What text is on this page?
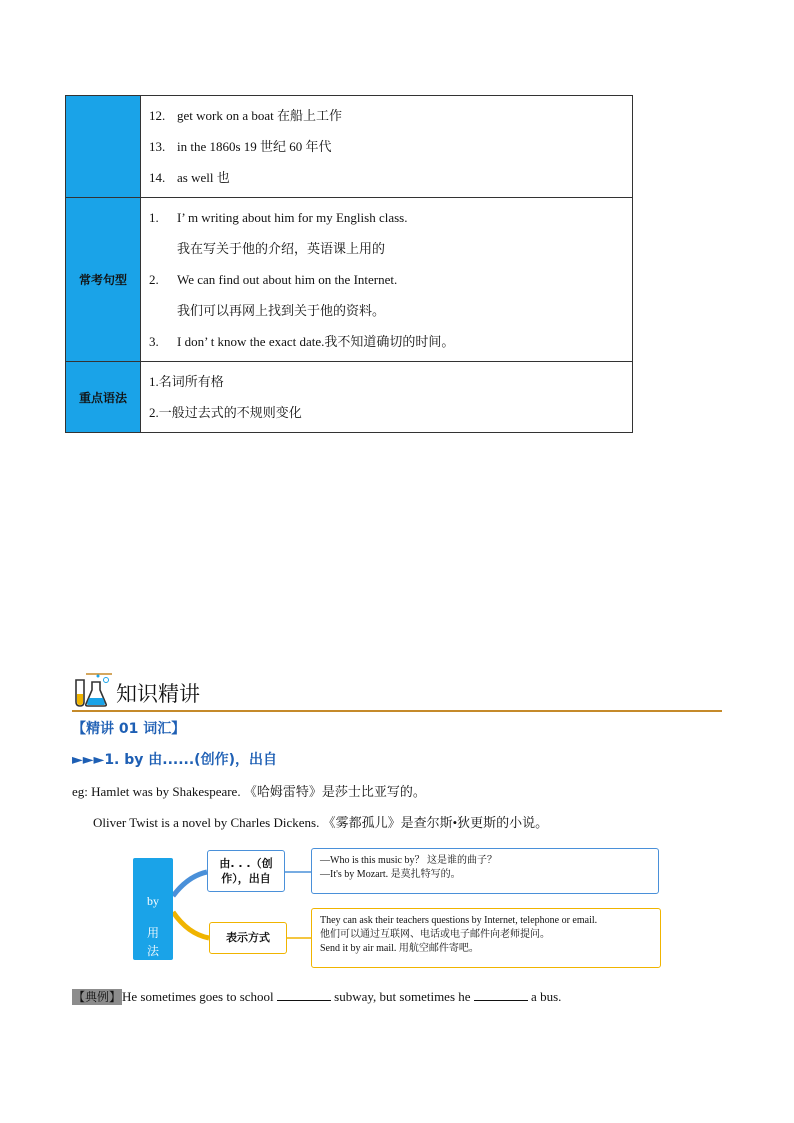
	12. get work on a boat 在船上工作
13. in the 1860s 19 世纪 60 年代
14. as well 也

常考句型	1. I’ m writing about him for my English class.
我在写关于他的介绍，英语课上用的
2. We can find out about him on the Internet.
我们可以再网上找到关于他的资料。
3. I don’ t know the exact date.我不知道确切的时间。

重点语法	1.名词所有格
2.一般过去式的不规则变化
知识精讲
【精讲 01 词汇】
►►►1. by 由......(创作)，出自
eg: Hamlet was by Shakespeare. 《哈姆雷特》是莎士比亚写的。
Oliver Twist is a novel by Charles Dickens. 《雾都孤儿》是查尔斯•狄更斯的小说。
by
用
法
由. . .（创作），出自
—Who is this music by？ 这是谁的曲子？
—It's by Mozart. 是莫扎特写的。
表示方式
They can ask their teachers questions by Internet, telephone or email.
他们可以通过互联网、电话或电子邮件向老师提问。
Send it by air mail. 用航空邮件寄吧。
【典例】He sometimes goes to school	subway, but sometimes he	a bus.
